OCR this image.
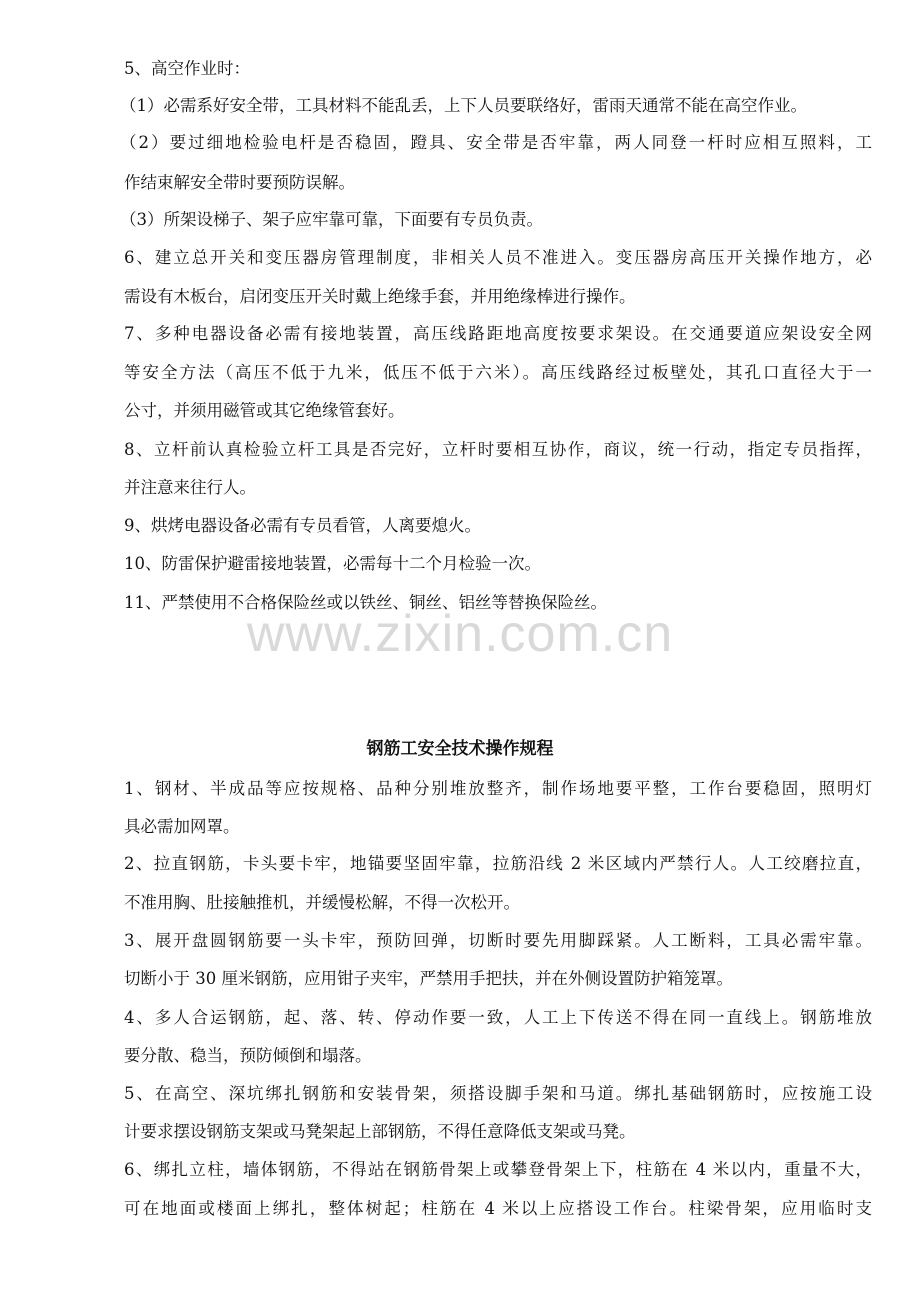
5、高空作业时：
（1）必需系好安全带，工具材料不能乱丢，上下人员要联络好，雷雨天通常不能在高空作业。
（2）要过细地检验电杆是否稳固，蹬具、安全带是否牢靠，两人同登一杆时应相互照料，工
作结束解安全带时要预防误解。
（3）所架设梯子、架子应牢靠可靠，下面要有专员负责。
6、建立总开关和变压器房管理制度，非相关人员不准进入。变压器房高压开关操作地方，必
需设有木板台，启闭变压开关时戴上绝缘手套，并用绝缘棒进行操作。
7、多种电器设备必需有接地装置，高压线路距地高度按要求架设。在交通要道应架设安全网
等安全方法（高压不低于九米，低压不低于六米）。高压线路经过板壁处，其孔口直径大于一
公寸，并须用磁管或其它绝缘管套好。
8、立杆前认真检验立杆工具是否完好，立杆时要相互协作，商议，统一行动，指定专员指挥，
并注意来往行人。
9、烘烤电器设备必需有专员看管，人离要熄火。
10、防雷保护避雷接地装置，必需每十二个月检验一次。
11、严禁使用不合格保险丝或以铁丝、铜丝、铝丝等替换保险丝。
www.zixin.com.cn
钢筋工安全技术操作规程
1、钢材、半成品等应按规格、品种分别堆放整齐，制作场地要平整，工作台要稳固，照明灯
具必需加网罩。
2、拉直钢筋，卡头要卡牢，地锚要坚固牢靠，拉筋沿线 2 米区域内严禁行人。人工绞磨拉直，
不准用胸、肚接触推机，并缓慢松解，不得一次松开。
3、展开盘圆钢筋要一头卡牢，预防回弹，切断时要先用脚踩紧。人工断料，工具必需牢靠。
切断小于 30 厘米钢筋，应用钳子夹牢，严禁用手把扶，并在外侧设置防护箱笼罩。
4、多人合运钢筋，起、落、转、停动作要一致，人工上下传送不得在同一直线上。钢筋堆放
要分散、稳当，预防倾倒和塌落。
5、在高空、深坑绑扎钢筋和安装骨架，须搭设脚手架和马道。绑扎基础钢筋时，应按施工设
计要求摆设钢筋支架或马凳架起上部钢筋，不得任意降低支架或马凳。
6、绑扎立柱，墙体钢筋，不得站在钢筋骨架上或攀登骨架上下，柱筋在 4 米以内，重量不大，
可在地面或楼面上绑扎，整体树起；柱筋在 4 米以上应搭设工作台。柱梁骨架，应用临时支
